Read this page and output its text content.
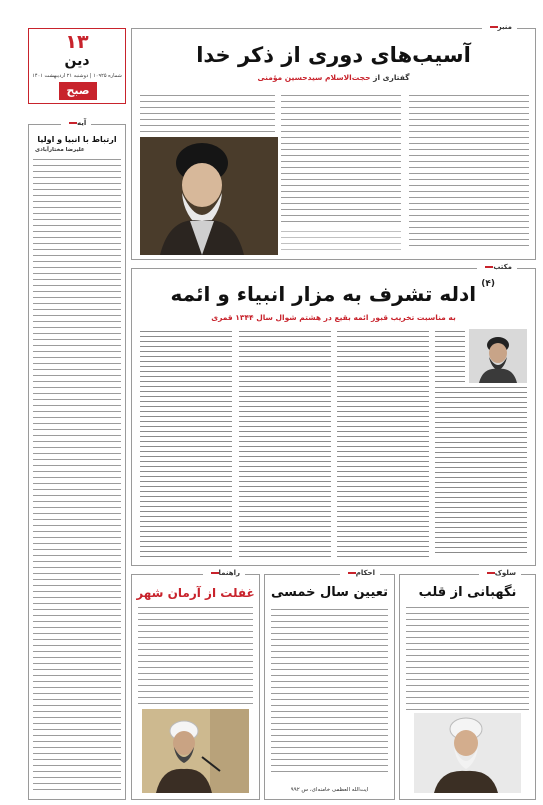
۱۳
دین
شماره ۱۰۹۲۵ | دوشنبه ۲۱ اردیبهشت ۱۴۰۱
صبح
آیه
ارتباط با انبیا و اولیا
علیرضا مختارآبادی
منبر
آسیب‌های دوری از ذکر خدا
گفتاری از حجت‌الاسلام سیدحسین مؤمنی
مکتب
$^{(۴)}$ ادله تشرف به مزار انبیاء و ائمه
به مناسبت تخریب قبور ائمه بقیع در هشتم شوال سال ۱۳۴۴ قمری
سلوک
نگهبانی از قلب
احکام
تعیین سال خمسی
آیت‌الله العظمی خامنه‌ای، س ۹۹۲
راهنما
غفلت از آرمان شهر
